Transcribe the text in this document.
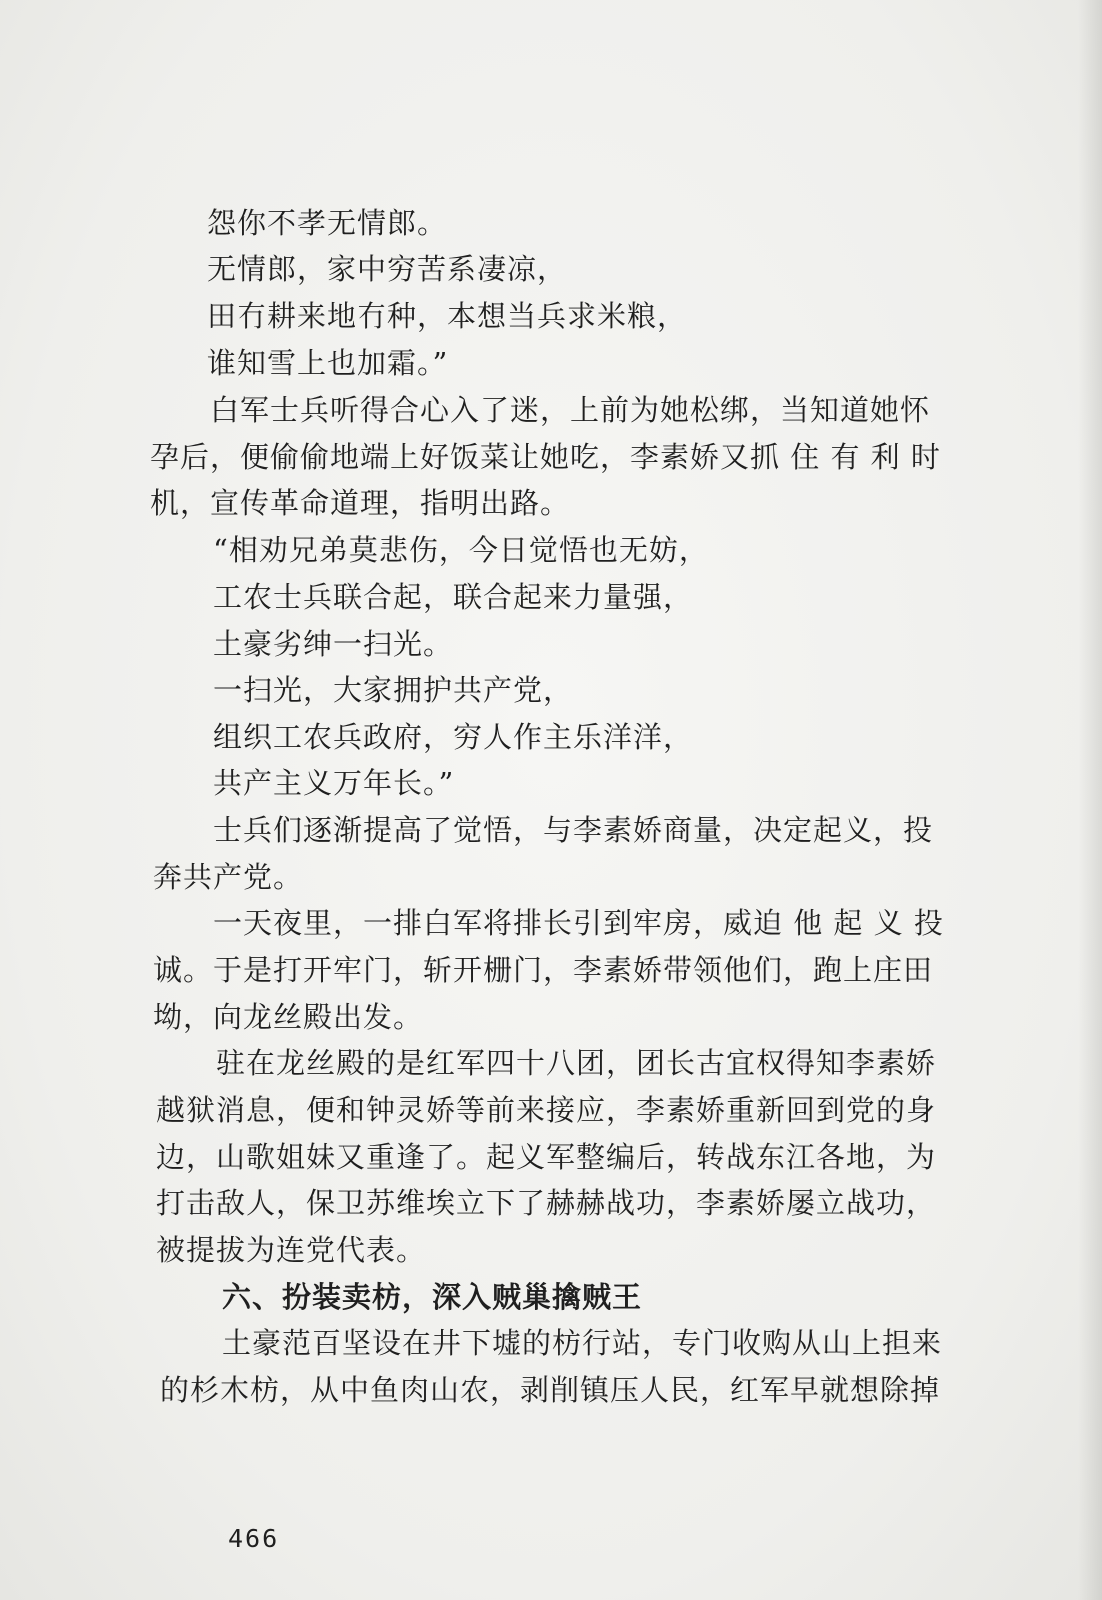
怨你不孝无情郎。
无情郎，家中穷苦系凄凉，
田冇耕来地冇种，本想当兵求米粮，
谁知雪上也加霜。”
白军士兵听得合心入了迷，上前为她松绑，当知道她怀
孕后，便偷偷地端上好饭菜让她吃，李素娇又抓 住 有 利 时
机，宣传革命道理，指明出路。
“相劝兄弟莫悲伤，今日觉悟也无妨，
工农士兵联合起，联合起来力量强，
土豪劣绅一扫光。
一扫光，大家拥护共产党，
组织工农兵政府，穷人作主乐洋洋，
共产主义万年长。”
士兵们逐渐提高了觉悟，与李素娇商量，决定起义，投
奔共产党。
一天夜里，一排白军将排长引到牢房，威迫 他 起 义 投
诚。于是打开牢门，斩开栅门，李素娇带领他们，跑上庄田
坳，向龙丝殿出发。
驻在龙丝殿的是红军四十八团，团长古宜权得知李素娇
越狱消息，便和钟灵娇等前来接应，李素娇重新回到党的身
边，山歌姐妹又重逢了。起义军整编后，转战东江各地，为
打击敌人，保卫苏维埃立下了赫赫战功，李素娇屡立战功，
被提拔为连党代表。
六、扮装卖枋，深入贼巢擒贼王
土豪范百坚设在井下墟的枋行站，专门收购从山上担来
的杉木枋，从中鱼肉山农，剥削镇压人民，红军早就想除掉
466
